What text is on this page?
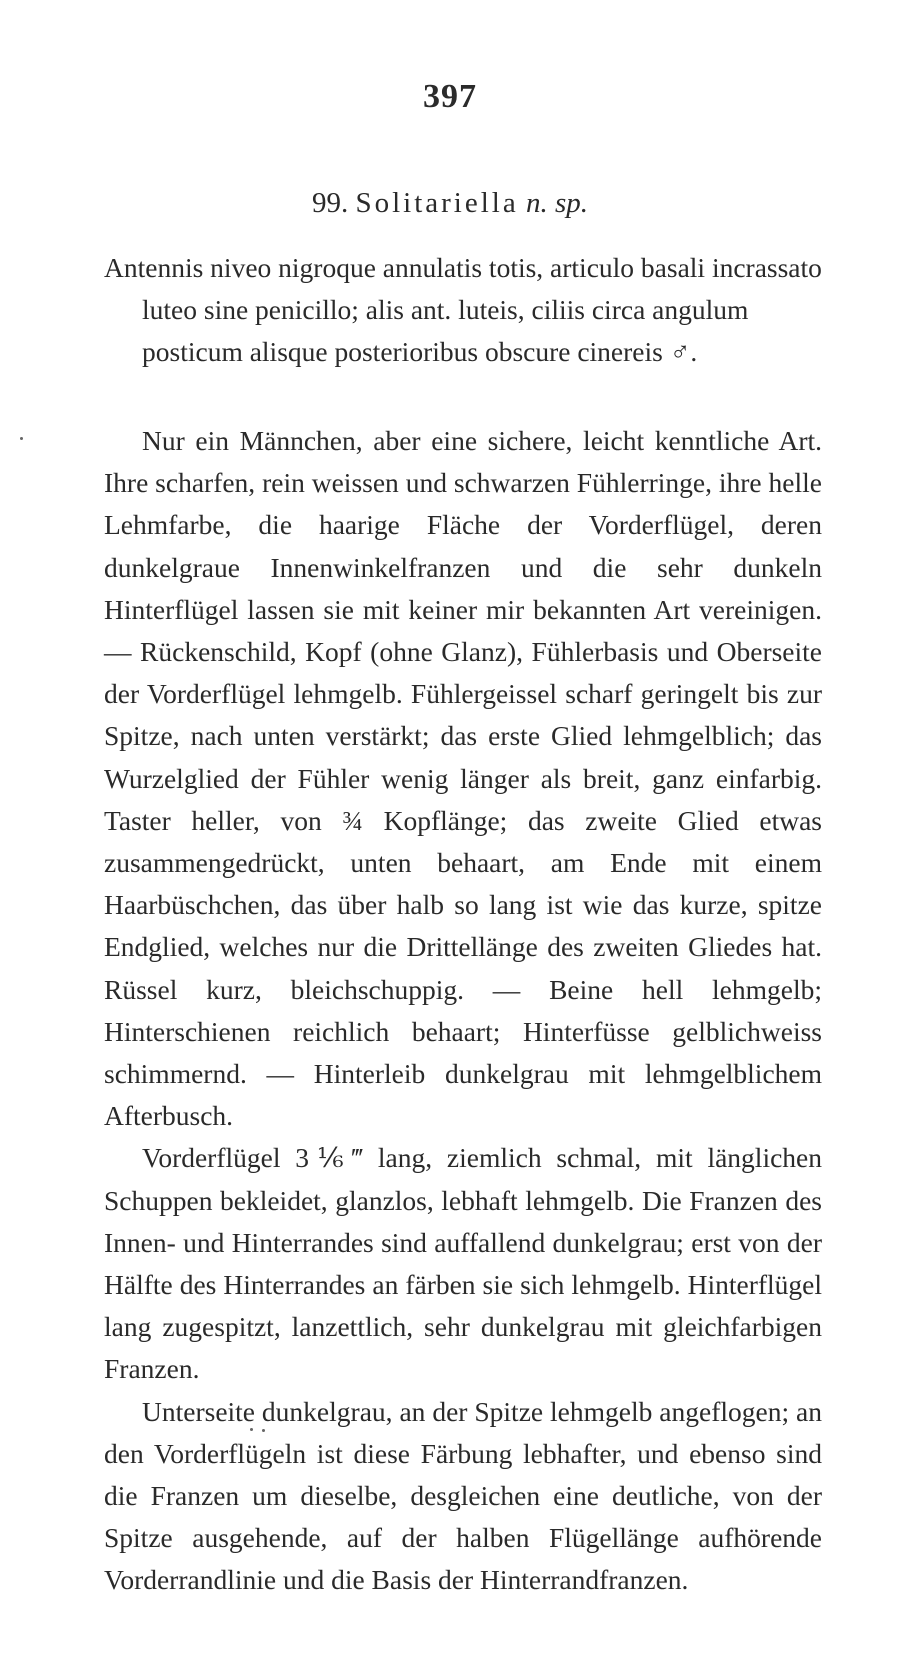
397
99. Solitariella n. sp.

Antennis niveo nigroque annulatis totis, articulo basali incrassato luteo sine penicillo; alis ant. luteis, ciliis circa angulum posticum alisque posterioribus obscure cinereis ♂.

Nur ein Männchen, aber eine sichere, leicht kenntliche Art. Ihre scharfen, rein weissen und schwarzen Fühlerringe, ihre helle Lehmfarbe, die haarige Fläche der Vorderflügel, deren dunkelgraue Innenwinkelfranzen und die sehr dunkeln Hinterflügel lassen sie mit keiner mir bekannten Art vereinigen. — Rückenschild, Kopf (ohne Glanz), Fühlerbasis und Oberseite der Vorderflügel lehmgelb. Fühlergeissel scharf geringelt bis zur Spitze, nach unten verstärkt; das erste Glied lehmgelblich; das Wurzelglied der Fühler wenig länger als breit, ganz einfarbig. Taster heller, von ¾ Kopflänge; das zweite Glied etwas zusammengedrückt, unten behaart, am Ende mit einem Haarbüschchen, das über halb so lang ist wie das kurze, spitze Endglied, welches nur die Drittellänge des zweiten Gliedes hat. Rüssel kurz, bleichschuppig. — Beine hell lehmgelb; Hinterschienen reichlich behaart; Hinterfüsse gelblichweiss schimmernd. — Hinterleib dunkelgrau mit lehmgelblichem Afterbusch.

Vorderflügel 3⅙‴ lang, ziemlich schmal, mit länglichen Schuppen bekleidet, glanzlos, lebhaft lehmgelb. Die Franzen des Innen- und Hinterrandes sind auffallend dunkelgrau; erst von der Hälfte des Hinterrandes an färben sie sich lehmgelb. Hinterflügel lang zugespitzt, lanzettlich, sehr dunkelgrau mit gleichfarbigen Franzen.

Unterseite dunkelgrau, an der Spitze lehmgelb angeflogen; an den Vorderflügeln ist diese Färbung lebhafter, und ebenso sind die Franzen um dieselbe, desgleichen eine deutliche, von der Spitze ausgehende, auf der halben Flügellänge aufhörende Vorderrandlinie und die Basis der Hinterrandfranzen.
